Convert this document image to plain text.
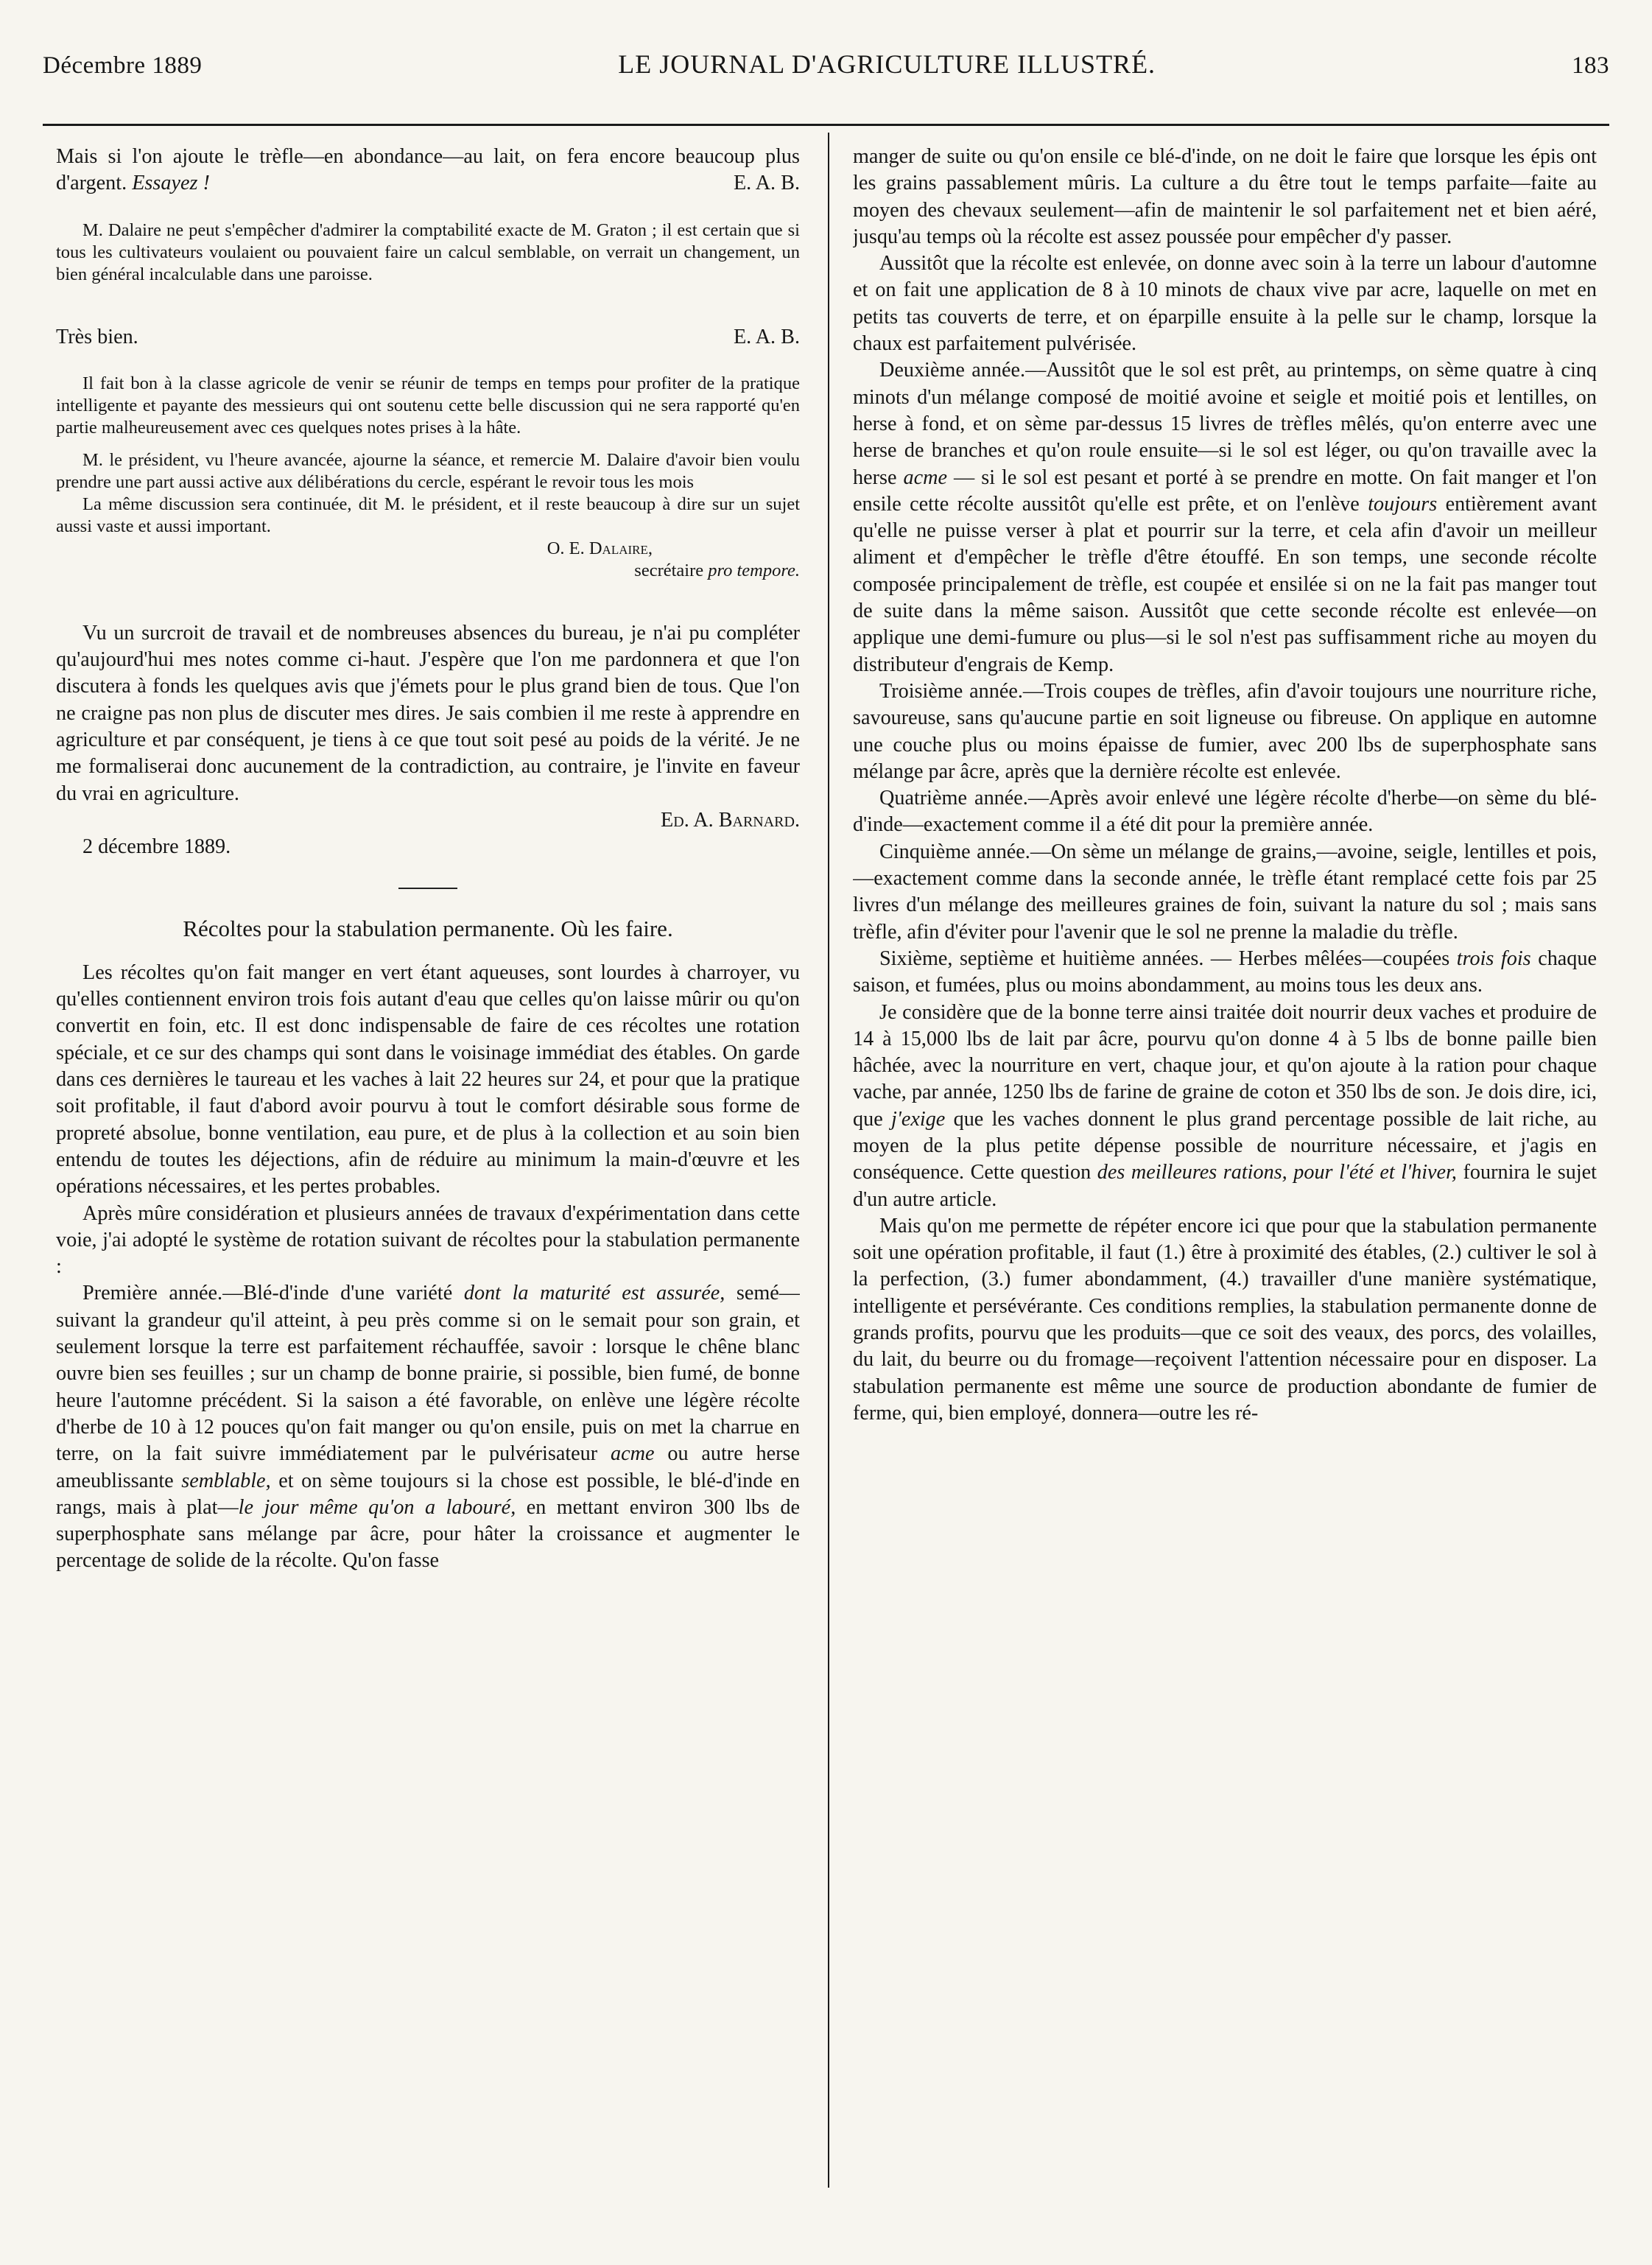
Décembre 1889	LE JOURNAL D'AGRICULTURE ILLUSTRÉ.	183

Mais si l'on ajoute le trèfle—en abondance—au lait, on fera encore beaucoup plus d'argent. Essayez !	E. A. B.

M. Dalaire ne peut s'empêcher d'admirer la comptabilité exacte de M. Graton ; il est certain que si tous les cultivateurs voulaient ou pouvaient faire un calcul semblable, on verrait un changement, un bien général incalculable dans une paroisse.

Très bien.	E. A. B.

Il fait bon à la classe agricole de venir se réunir de temps en temps pour profiter de la pratique intelligente et payante des messieurs qui ont soutenu cette belle discussion qui ne sera rapporté qu'en partie malheureusement avec ces quelques notes prises à la hâte.

M. le président, vu l'heure avancée, ajourne la séance, et remercie M. Dalaire d'avoir bien voulu prendre une part aussi active aux délibérations du cercle, espérant le revoir tous les mois

La même discussion sera continuée, dit M. le président, et il reste beaucoup à dire sur un sujet aussi vaste et aussi important.

O. E. Dalaire,

secrétaire pro tempore.

Vu un surcroit de travail et de nombreuses absences du bureau, je n'ai pu compléter qu'aujourd'hui mes notes comme ci-haut. J'espère que l'on me pardonnera et que l'on discutera à fonds les quelques avis que j'émets pour le plus grand bien de tous. Que l'on ne craigne pas non plus de discuter mes dires. Je sais combien il me reste à apprendre en agriculture et par conséquent, je tiens à ce que tout soit pesé au poids de la vérité. Je ne me formaliserai donc aucunement de la contradiction, au contraire, je l'invite en faveur du vrai en agriculture.

Ed. A. Barnard.

2 décembre 1889.

Récoltes pour la stabulation permanente. Où les faire.

Les récoltes qu'on fait manger en vert étant aqueuses, sont lourdes à charroyer, vu qu'elles contiennent environ trois fois autant d'eau que celles qu'on laisse mûrir ou qu'on convertit en foin, etc. Il est donc indispensable de faire de ces récoltes une rotation spéciale, et ce sur des champs qui sont dans le voisinage immédiat des étables. On garde dans ces dernières le taureau et les vaches à lait 22 heures sur 24, et pour que la pratique soit profitable, il faut d'abord avoir pourvu à tout le comfort désirable sous forme de propreté absolue, bonne ventilation, eau pure, et de plus à la collection et au soin bien entendu de toutes les déjections, afin de réduire au minimum la main-d'œuvre et les opérations nécessaires, et les pertes probables.

Après mûre considération et plusieurs années de travaux d'expérimentation dans cette voie, j'ai adopté le système de rotation suivant de récoltes pour la stabulation permanente :

Première année.—Blé-d'inde d'une variété dont la maturité est assurée, semé—suivant la grandeur qu'il atteint, à peu près comme si on le semait pour son grain, et seulement lorsque la terre est parfaitement réchauffée, savoir : lorsque le chêne blanc ouvre bien ses feuilles ; sur un champ de bonne prairie, si possible, bien fumé, de bonne heure l'automne précédent. Si la saison a été favorable, on enlève une légère récolte d'herbe de 10 à 12 pouces qu'on fait manger ou qu'on ensile, puis on met la charrue en terre, on la fait suivre immédiatement par le pulvérisateur acme ou autre herse ameublissante semblable, et on sème toujours si la chose est possible, le blé-d'inde en rangs, mais à plat—le jour même qu'on a labouré, en mettant environ 300 lbs de superphosphate sans mélange par âcre, pour hâter la croissance et augmenter le percentage de solide de la récolte. Qu'on fasse

manger de suite ou qu'on ensile ce blé-d'inde, on ne doit le faire que lorsque les épis ont les grains passablement mûris. La culture a du être tout le temps parfaite—faite au moyen des chevaux seulement—afin de maintenir le sol parfaitement net et bien aéré, jusqu'au temps où la récolte est assez poussée pour empêcher d'y passer.

Aussitôt que la récolte est enlevée, on donne avec soin à la terre un labour d'automne et on fait une application de 8 à 10 minots de chaux vive par acre, laquelle on met en petits tas couverts de terre, et on éparpille ensuite à la pelle sur le champ, lorsque la chaux est parfaitement pulvérisée.

Deuxième année.—Aussitôt que le sol est prêt, au printemps, on sème quatre à cinq minots d'un mélange composé de moitié avoine et seigle et moitié pois et lentilles, on herse à fond, et on sème par-dessus 15 livres de trèfles mêlés, qu'on enterre avec une herse de branches et qu'on roule ensuite—si le sol est léger, ou qu'on travaille avec la herse acme — si le sol est pesant et porté à se prendre en motte. On fait manger et l'on ensile cette récolte aussitôt qu'elle est prête, et on l'enlève toujours entièrement avant qu'elle ne puisse verser à plat et pourrir sur la terre, et cela afin d'avoir un meilleur aliment et d'empêcher le trèfle d'être étouffé. En son temps, une seconde récolte composée principalement de trèfle, est coupée et ensilée si on ne la fait pas manger tout de suite dans la même saison. Aussitôt que cette seconde récolte est enlevée—on applique une demi-fumure ou plus—si le sol n'est pas suffisamment riche au moyen du distributeur d'engrais de Kemp.

Troisième année.—Trois coupes de trèfles, afin d'avoir toujours une nourriture riche, savoureuse, sans qu'aucune partie en soit ligneuse ou fibreuse. On applique en automne une couche plus ou moins épaisse de fumier, avec 200 lbs de superphosphate sans mélange par âcre, après que la dernière récolte est enlevée.

Quatrième année.—Après avoir enlevé une légère récolte d'herbe—on sème du blé-d'inde—exactement comme il a été dit pour la première année.

Cinquième année.—On sème un mélange de grains,—avoine, seigle, lentilles et pois,—exactement comme dans la seconde année, le trèfle étant remplacé cette fois par 25 livres d'un mélange des meilleures graines de foin, suivant la nature du sol ; mais sans trèfle, afin d'éviter pour l'avenir que le sol ne prenne la maladie du trèfle.

Sixième, septième et huitième années. — Herbes mêlées—coupées trois fois chaque saison, et fumées, plus ou moins abondamment, au moins tous les deux ans.

Je considère que de la bonne terre ainsi traitée doit nourrir deux vaches et produire de 14 à 15,000 lbs de lait par âcre, pourvu qu'on donne 4 à 5 lbs de bonne paille bien hâchée, avec la nourriture en vert, chaque jour, et qu'on ajoute à la ration pour chaque vache, par année, 1250 lbs de farine de graine de coton et 350 lbs de son. Je dois dire, ici, que j'exige que les vaches donnent le plus grand percentage possible de lait riche, au moyen de la plus petite dépense possible de nourriture nécessaire, et j'agis en conséquence. Cette question des meilleures rations, pour l'été et l'hiver, fournira le sujet d'un autre article.

Mais qu'on me permette de répéter encore ici que pour que la stabulation permanente soit une opération profitable, il faut (1.) être à proximité des étables, (2.) cultiver le sol à la perfection, (3.) fumer abondamment, (4.) travailler d'une manière systématique, intelligente et persévérante. Ces conditions remplies, la stabulation permanente donne de grands profits, pourvu que les produits—que ce soit des veaux, des porcs, des volailles, du lait, du beurre ou du fromage—reçoivent l'attention nécessaire pour en disposer. La stabulation permanente est même une source de production abondante de fumier de ferme, qui, bien employé, donnera—outre les ré-
